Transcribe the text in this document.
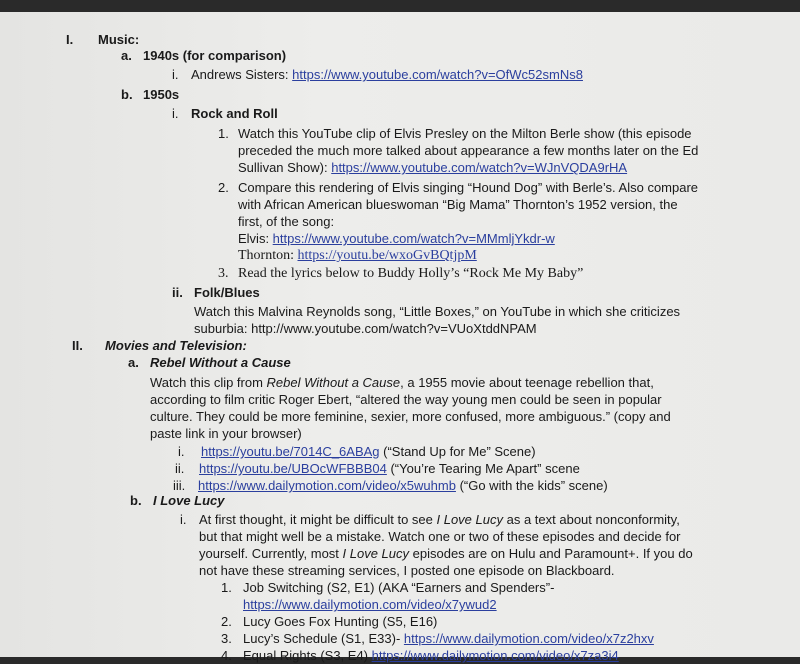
I. Music:
a. 1940s (for comparison)
i. Andrews Sisters: https://www.youtube.com/watch?v=OfWc52smNs8
b. 1950s
i. Rock and Roll
1. Watch this YouTube clip of Elvis Presley on the Milton Berle show (this episode
preceded the much more talked about appearance a few months later on the Ed
Sullivan Show): https://www.youtube.com/watch?v=WJnVQDA9rHA
2. Compare this rendering of Elvis singing “Hound Dog” with Berle’s. Also compare
with African American blueswoman “Big Mama” Thornton’s 1952 version, the
first, of the song:
Elvis: https://www.youtube.com/watch?v=MMmljYkdr-w
Thornton: https://youtu.be/wxoGvBQtjpM
3. Read the lyrics below to Buddy Holly’s “Rock Me My Baby”
ii. Folk/Blues
Watch this Malvina Reynolds song, “Little Boxes,” on YouTube in which she criticizes
suburbia: http://www.youtube.com/watch?v=VUoXtddNPAM
II. Movies and Television:
a. Rebel Without a Cause
Watch this clip from Rebel Without a Cause, a 1955 movie about teenage rebellion that,
according to film critic Roger Ebert, “altered the way young men could be seen in popular
culture. They could be more feminine, sexier, more confused, more ambiguous.” (copy and
paste link in your browser)
i. https://youtu.be/7014C_6ABAg (“Stand Up for Me” Scene)
ii. https://youtu.be/UBOcWFBBB04 (“You’re Tearing Me Apart” scene
iii. https://www.dailymotion.com/video/x5wuhmb (“Go with the kids” scene)
b. I Love Lucy
i. At first thought, it might be difficult to see I Love Lucy as a text about nonconformity,
but that might well be a mistake. Watch one or two of these episodes and decide for
yourself. Currently, most I Love Lucy episodes are on Hulu and Paramount+. If you do
not have these streaming services, I posted one episode on Blackboard.
1. Job Switching (S2, E1) (AKA “Earners and Spenders”-
https://www.dailymotion.com/video/x7ywud2
2. Lucy Goes Fox Hunting (S5, E16)
3. Lucy’s Schedule (S1, E33)- https://www.dailymotion.com/video/x7z2hxv
4. Equal Rights (S3, E4) https://www.dailymotion.com/video/x7za3i4
